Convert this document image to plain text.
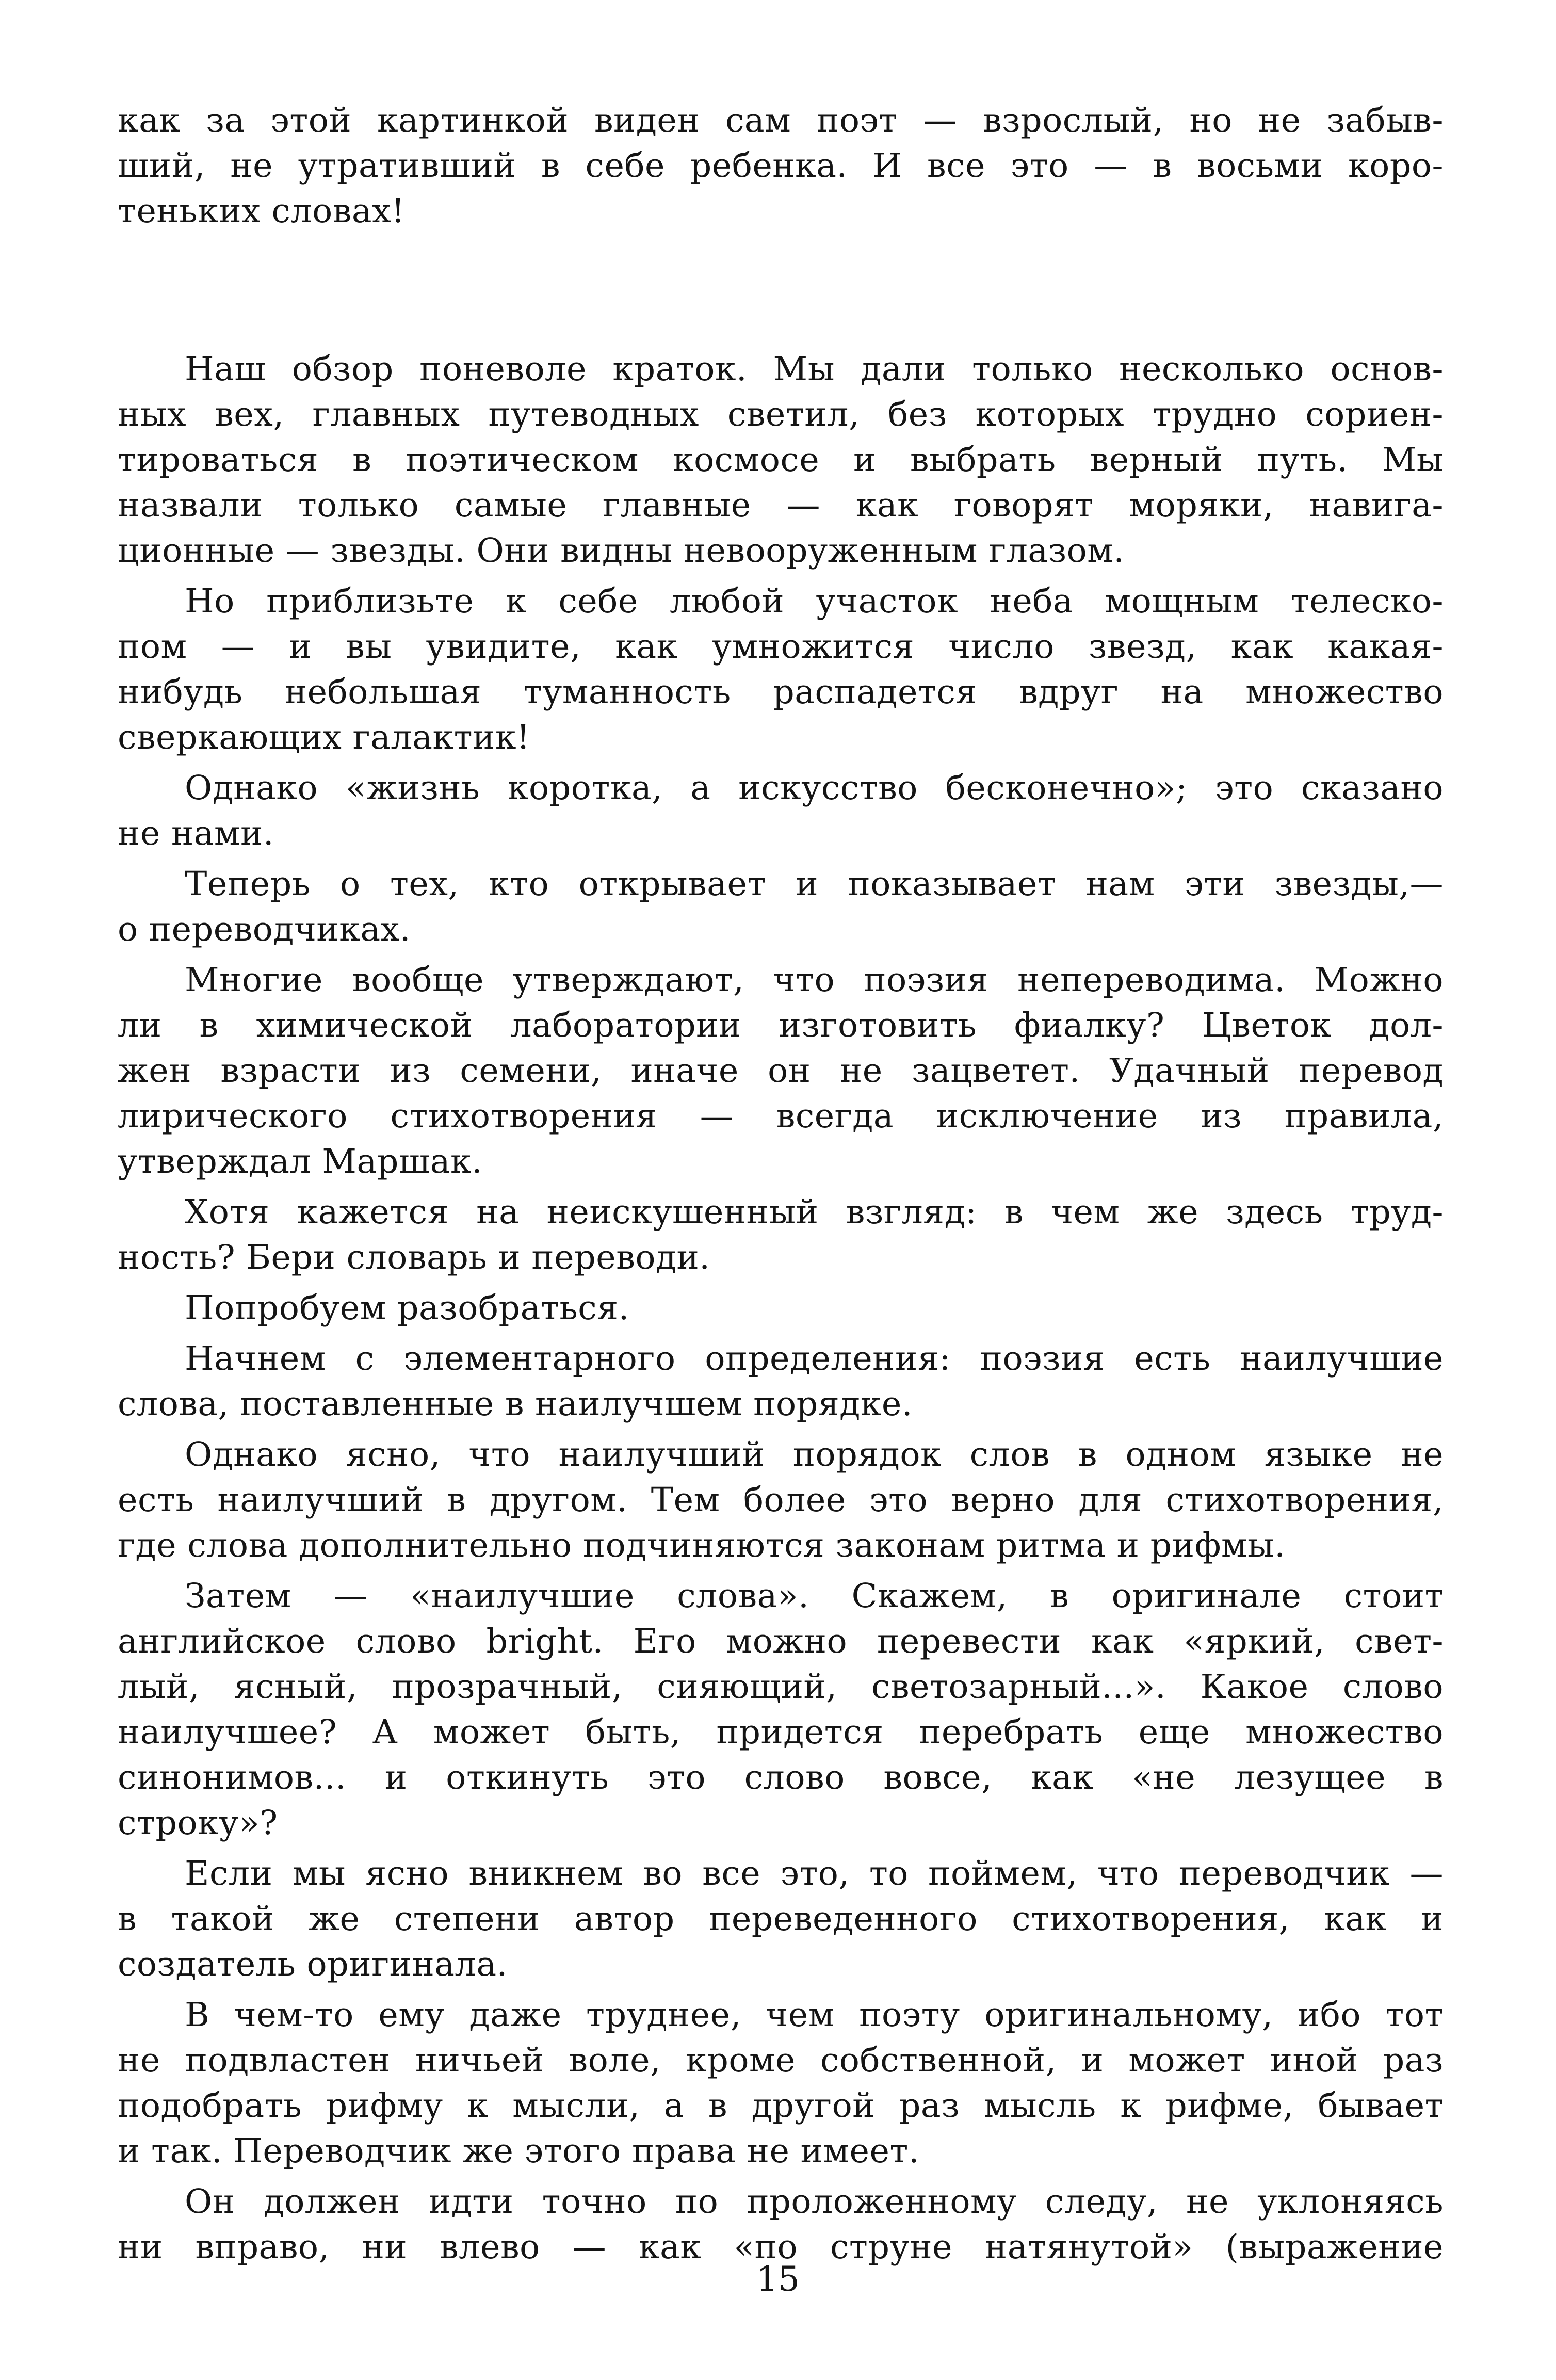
как за этой картинкой виден сам поэт — взрослый, но не забыв-
ший, не утративший в себе ребенка. И все это — в восьми коро-
теньких словах!
Наш обзор поневоле краток. Мы дали только несколько основ-
ных вех, главных путеводных светил, без которых трудно сориен-
тироваться в поэтическом космосе и выбрать верный путь. Мы
назвали только самые главные — как говорят моряки, навига-
ционные — звезды. Они видны невооруженным глазом.
Но приблизьте к себе любой участок неба мощным телеско-
пом — и вы увидите, как умножится число звезд, как какая-
нибудь небольшая туманность распадется вдруг на множество
сверкающих галактик!
Однако «жизнь коротка, а искусство бесконечно»; это сказано
не нами.
Теперь о тех, кто открывает и показывает нам эти звезды,—
о переводчиках.
Многие вообще утверждают, что поэзия непереводима. Можно
ли в химической лаборатории изготовить фиалку? Цветок дол-
жен взрасти из семени, иначе он не зацветет. Удачный перевод
лирического стихотворения — всегда исключение из правила,
утверждал Маршак.
Хотя кажется на неискушенный взгляд: в чем же здесь труд-
ность? Бери словарь и переводи.
Попробуем разобраться.
Начнем с элементарного определения: поэзия есть наилучшие
слова, поставленные в наилучшем порядке.
Однако ясно, что наилучший порядок слов в одном языке не
есть наилучший в другом. Тем более это верно для стихотворения,
где слова дополнительно подчиняются законам ритма и рифмы.
Затем — «наилучшие слова». Скажем, в оригинале стоит
английское слово bright. Его можно перевести как «яркий, свет-
лый, ясный, прозрачный, сияющий, светозарный...». Какое слово
наилучшее? А может быть, придется перебрать еще множество
синонимов... и откинуть это слово вовсе, как «не лезущее в
строку»?
Если мы ясно вникнем во все это, то поймем, что переводчик —
в такой же степени автор переведенного стихотворения, как и
создатель оригинала.
В чем-то ему даже труднее, чем поэту оригинальному, ибо тот
не подвластен ничьей воле, кроме собственной, и может иной раз
подобрать рифму к мысли, а в другой раз мысль к рифме, бывает
и так. Переводчик же этого права не имеет.
Он должен идти точно по проложенному следу, не уклоняясь
ни вправо, ни влево — как «по струне натянутой» (выражение
15
